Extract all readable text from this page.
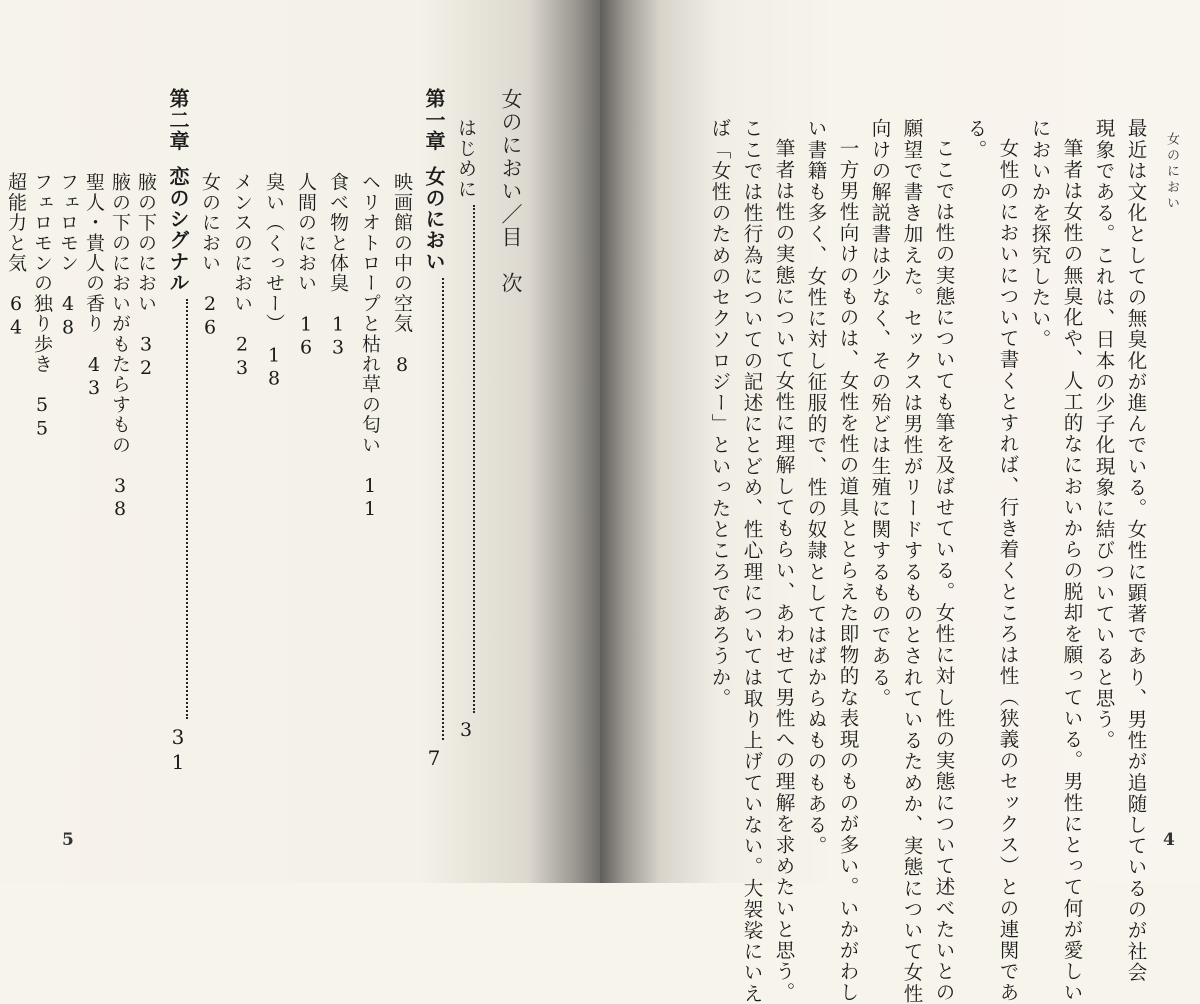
女のにおい
最近は文化としての無臭化が進んでいる。女性に顕著であり、男性が追随しているのが社会
現象である。これは、日本の少子化現象に結びついていると思う。
筆者は女性の無臭化や、人工的なにおいからの脱却を願っている。男性にとって何が愛しい
においかを探究したい。
女性のにおいについて書くとすれば、行き着くところは性（狭義のセックス）との連関であ
る。
ここでは性の実態についても筆を及ばせている。女性に対し性の実態について述べたいとの
願望で書き加えた。セックスは男性がリードするものとされているためか、実態について女性
向けの解説書は少なく、その殆どは生殖に関するものである。
一方男性向けのものは、女性を性の道具ととらえた即物的な表現のものが多い。いかがわし
い書籍も多く、女性に対し征服的で、性の奴隷としてはばからぬものもある。
筆者は性の実態について女性に理解してもらい、あわせて男性への理解を求めたいと思う。
ここでは性行為についての記述にとどめ、性心理については取り上げていない。大袈裟にいえ
ば「女性のためのセクソロジー」といったところであろうか。
4
女のにおい／目　次
はじめに
3
第一章
女のにおい
7
映画館の中の空気　8
ヘリオトロープと枯れ草の匂い　11
食べ物と体臭　13
人間のにおい　16
臭い（くっせー）　18
メンスのにおい　23
女のにおい　26
第二章
恋のシグナル
31
5
腋の下のにおい　32
腋の下のにおいがもたらすもの　38
聖人・貴人の香り　43
フェロモン　48
フェロモンの独り歩き　55
超能力と気　64
